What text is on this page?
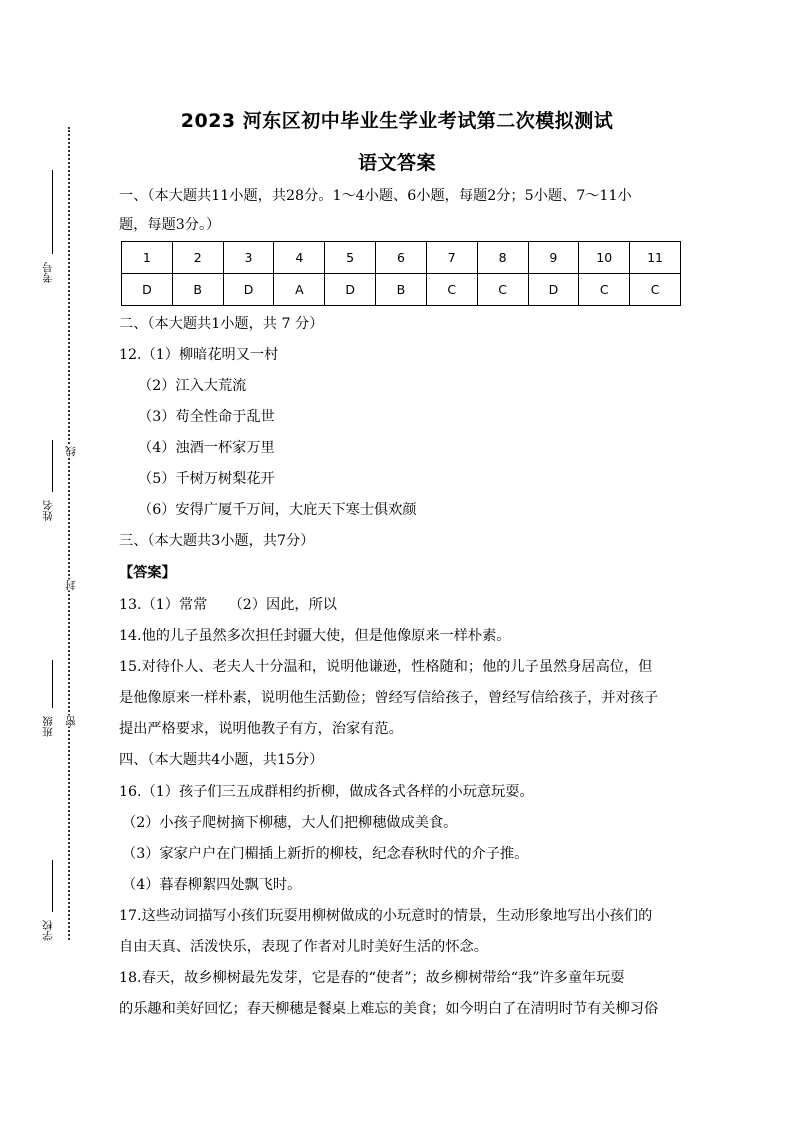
考号
姓名
线
封
班级 密
学校
2023 河东区初中毕业生学业考试第二次模拟测试
语文答案
一、（本大题共11小题，共28分。1～4小题、6小题，每题2分；5小题、7～11小
题，每题3分。）
1	2	3	4	5	6	7	8	9	10	11
D	B	D	A	D	B	C	C	D	C	C
二、（本大题共1小题，共 7 分）
12.（1）柳暗花明又一村
（2）江入大荒流
（3）苟全性命于乱世
（4）浊酒一杯家万里
（5）千树万树梨花开
（6）安得广厦千万间，大庇天下寒士俱欢颜
三、（本大题共3小题，共7分）
【答案】
13.（1）常常　　（2）因此，所以
14.他的儿子虽然多次担任封疆大使，但是他像原来一样朴素。
15.对待仆人、老夫人十分温和，说明他谦逊，性格随和；他的儿子虽然身居高位，但
是他像原来一样朴素，说明他生活勤俭；曾经写信给孩子，曾经写信给孩子，并对孩子
提出严格要求，说明他教子有方，治家有范。
四、（本大题共4小题，共15分）
16.（1）孩子们三五成群相约折柳，做成各式各样的小玩意玩耍。
（2）小孩子爬树摘下柳穗，大人们把柳穗做成美食。
（3）家家户户在门楣插上新折的柳枝，纪念春秋时代的介子推。
（4）暮春柳絮四处飘飞时。
17.这些动词描写小孩们玩耍用柳树做成的小玩意时的情景，生动形象地写出小孩们的
自由天真、活泼快乐，表现了作者对儿时美好生活的怀念。
18.春天，故乡柳树最先发芽，它是春的“使者”；故乡柳树带给“我”许多童年玩耍
的乐趣和美好回忆；春天柳穗是餐桌上难忘的美食；如今明白了在清明时节有关柳习俗
